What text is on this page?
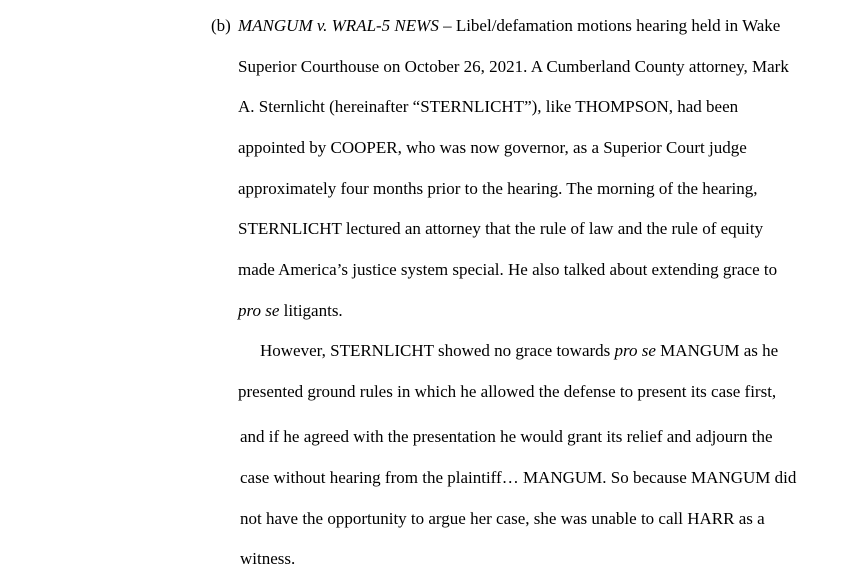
(b) MANGUM v. WRAL-5 NEWS – Libel/defamation motions hearing held in Wake
Superior Courthouse on October 26, 2021. A Cumberland County attorney, Mark
A. Sternlicht (hereinafter “STERNLICHT”), like THOMPSON, had been
appointed by COOPER, who was now governor, as a Superior Court judge
approximately four months prior to the hearing. The morning of the hearing,
STERNLICHT lectured an attorney that the rule of law and the rule of equity
made America’s justice system special. He also talked about extending grace to
pro se litigants.
However, STERNLICHT showed no grace towards pro se MANGUM as he
presented ground rules in which he allowed the defense to present its case first,
and if he agreed with the presentation he would grant its relief and adjourn the
case without hearing from the plaintiff… MANGUM. So because MANGUM did
not have the opportunity to argue her case, she was unable to call HARR as a
witness.
